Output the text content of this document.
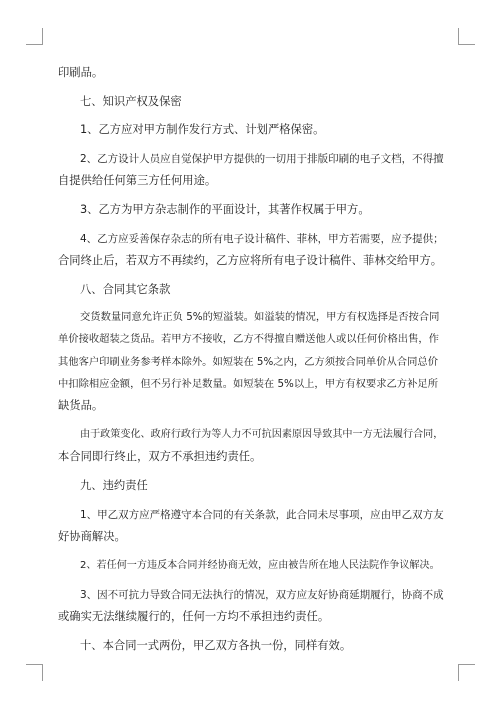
印刷品。
七、知识产权及保密
1、乙方应对甲方制作发行方式、计划严格保密。
2、乙方设计人员应自觉保护甲方提供的一切用于排版印刷的电子文档，不得擅
自提供给任何第三方任何用途。
3、乙方为甲方杂志制作的平面设计，其著作权属于甲方。
4、乙方应妥善保存杂志的所有电子设计稿件、菲林，甲方若需要，应予提供；
合同终止后，若双方不再续约，乙方应将所有电子设计稿件、菲林交给甲方。
八、合同其它条款
交货数量同意允许正负 5%的短溢装。如溢装的情况，甲方有权选择是否按合同
单价接收超装之货品。若甲方不接收，乙方不得擅自赠送他人或以任何价格出售，作
其他客户印刷业务参考样本除外。如短装在 5%之内，乙方须按合同单价从合同总价
中扣除相应金额，但不另行补足数量。如短装在 5%以上，甲方有权要求乙方补足所
缺货品。
由于政策变化、政府行政行为等人力不可抗因素原因导致其中一方无法履行合同，
本合同即行终止，双方不承担违约责任。
九、违约责任
1、甲乙双方应严格遵守本合同的有关条款，此合同未尽事项，应由甲乙双方友
好协商解决。
2、若任何一方违反本合同并经协商无效，应由被告所在地人民法院作争议解决。
3、因不可抗力导致合同无法执行的情况，双方应友好协商延期履行，协商不成
或确实无法继续履行的，任何一方均不承担违约责任。
十、本合同一式两份，甲乙双方各执一份，同样有效。
